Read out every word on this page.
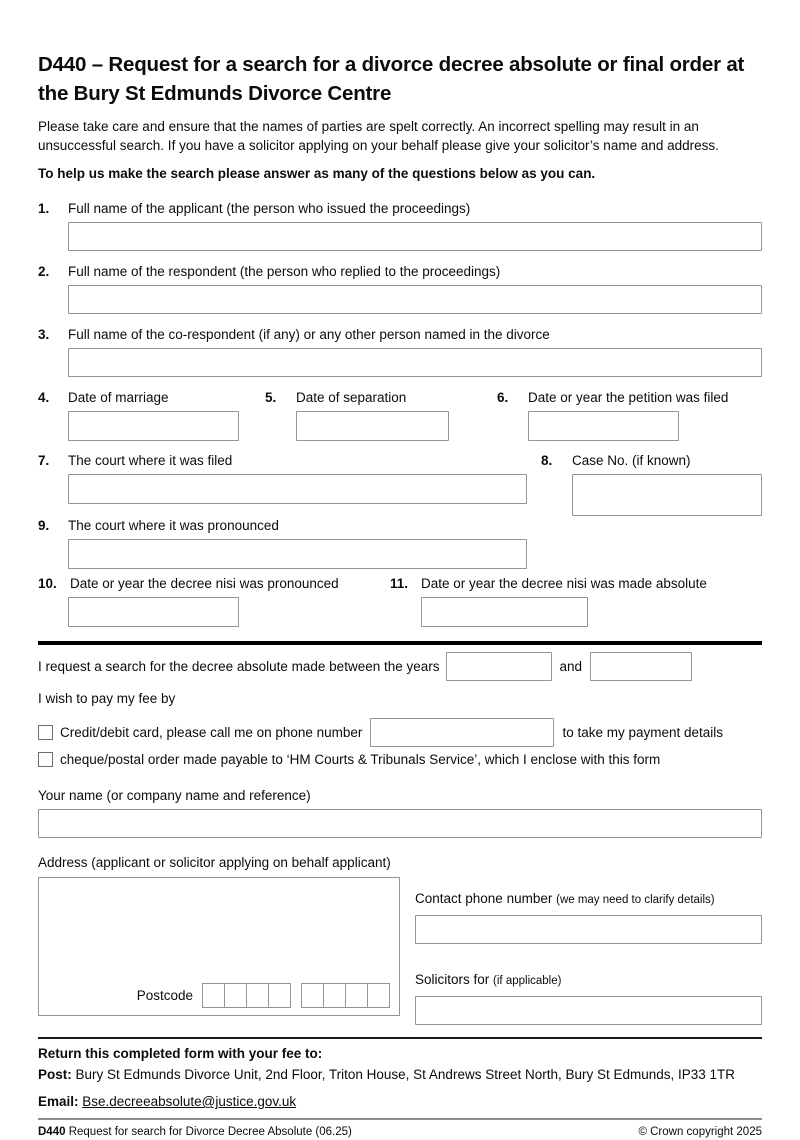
D440 – Request for a search for a divorce decree absolute or final order at the Bury St Edmunds Divorce Centre

Please take care and ensure that the names of parties are spelt correctly. An incorrect spelling may result in an unsuccessful search. If you have a solicitor applying on your behalf please give your solicitor’s name and address.

To help us make the search please answer as many of the questions below as you can.

1.	Full name of the applicant (the person who issued the proceedings)
2.	Full name of the respondent (the person who replied to the proceedings)
3.	Full name of the co-respondent (if any) or any other person named in the divorce
4.	Date of marriage	5.	Date of separation	6.	Date or year the petition was filed
7.	The court where it was filed	8.	Case No. (if known)
9.	The court where it was pronounced
10. Date or year the decree nisi was pronounced	11. Date or year the decree nisi was made absolute
I request a search for the decree absolute made between the years	and

I wish to pay my fee by

Credit/debit card, please call me on phone number	to take my payment details
cheque/postal order made payable to ‘HM Courts & Tribunals Service’, which I enclose with this form
Your name (or company name and reference)
Address (applicant or solicitor applying on behalf applicant)
Postcode
Contact phone number (we may need to clarify details)
Solicitors for (if applicable)

Return this completed form with your fee to:

Post: Bury St Edmunds Divorce Unit, 2nd Floor, Triton House, St Andrews Street North, Bury St Edmunds, IP33 1TR

Email: Bse.decreeabsolute@justice.gov.uk

D440 Request for search for Divorce Decree Absolute (06.25)	© Crown copyright 2025
